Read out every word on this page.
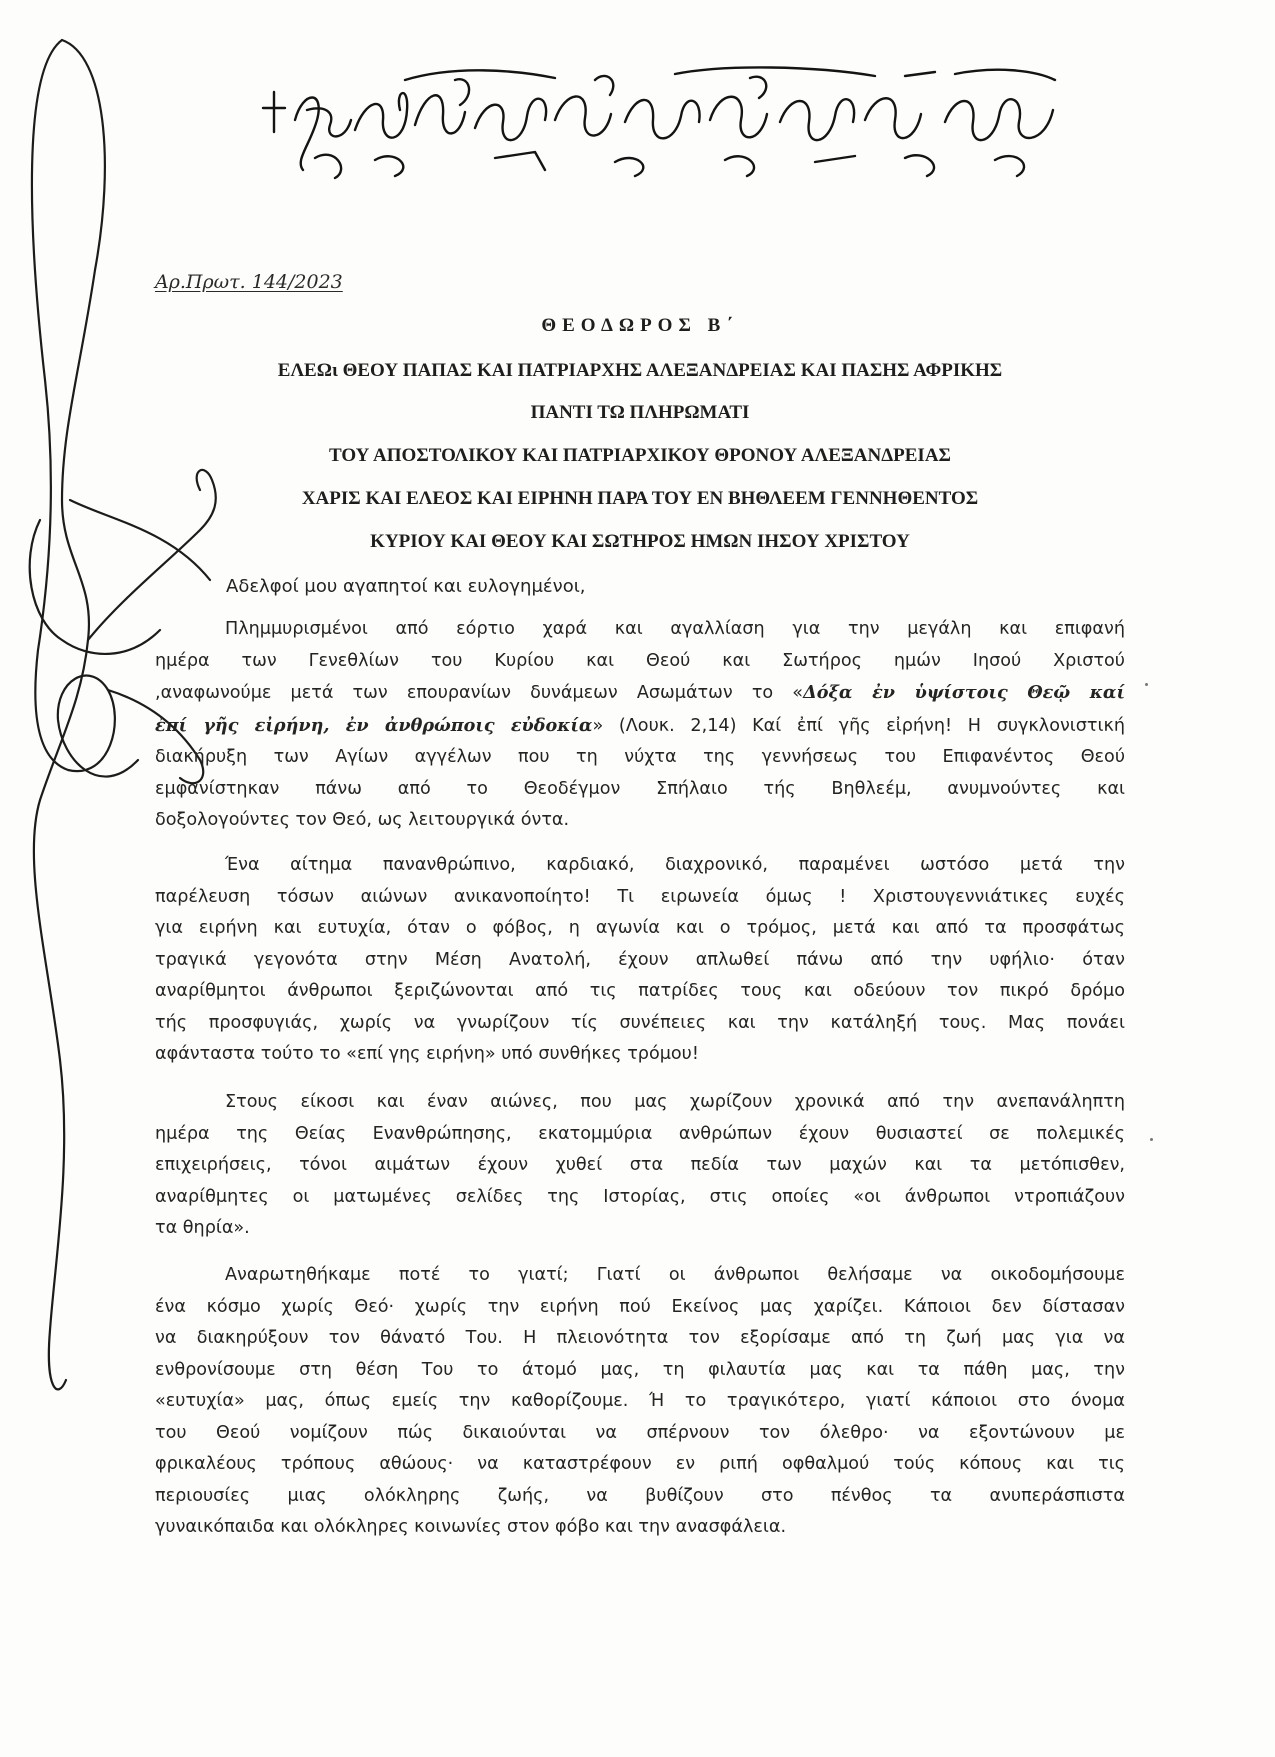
Αρ.Πρωτ. 144/2023
ΘΕΟΔΩΡΟΣ Β΄
ΕΛΕΩι ΘΕΟΥ ΠΑΠΑΣ ΚΑΙ ΠΑΤΡΙΑΡΧΗΣ ΑΛΕΞΑΝΔΡΕΙΑΣ ΚΑΙ ΠΑΣΗΣ ΑΦΡΙΚΗΣ
ΠΑΝΤΙ ΤΩ ΠΛΗΡΩΜΑΤΙ
ΤΟΥ ΑΠΟΣΤΟΛΙΚΟΥ ΚΑΙ ΠΑΤΡΙΑΡΧΙΚΟΥ ΘΡΟΝΟΥ ΑΛΕΞΑΝΔΡΕΙΑΣ
ΧΑΡΙΣ ΚΑΙ ΕΛΕΟΣ ΚΑΙ ΕΙΡΗΝΗ ΠΑΡΑ ΤΟΥ ΕΝ ΒΗΘΛΕΕΜ ΓΕΝΝΗΘΕΝΤΟΣ
ΚΥΡΙΟΥ ΚΑΙ ΘΕΟΥ ΚΑΙ ΣΩΤΗΡΟΣ ΗΜΩΝ ΙΗΣΟΥ ΧΡΙΣΤΟΥ
Αδελφοί μου αγαπητοί και ευλογημένοι,
Πλημμυρισμένοι από εόρτιο χαρά και αγαλλίαση για την μεγάλη και επιφανή
ημέρα των Γενεθλίων του Κυρίου και Θεού και Σωτήρος ημών Ιησού Χριστού
,αναφωνούμε μετά των επουρανίων δυνάμεων Ασωμάτων το «Δόξα ἐν ὑψίστοις Θεῷ καί
ἐπί γῆς εἰρήνη, ἐν ἀνθρώποις εὐδοκία» (Λουκ. 2,14) Καί ἐπί γῆς εἰρήνη! Η συγκλονιστική
διακήρυξη των Αγίων αγγέλων που τη νύχτα της γεννήσεως του Επιφανέντος Θεού
εμφανίστηκαν πάνω από το Θεοδέγμον Σπήλαιο τής Βηθλεέμ, ανυμνούντες και
δοξολογούντες τον Θεό, ως λειτουργικά όντα.
Ένα αίτημα πανανθρώπινο, καρδιακό, διαχρονικό, παραμένει ωστόσο μετά την
παρέλευση τόσων αιώνων ανικανοποίητο! Τι ειρωνεία όμως ! Χριστουγεννιάτικες ευχές
για ειρήνη και ευτυχία, όταν ο φόβος, η αγωνία και ο τρόμος, μετά και από τα προσφάτως
τραγικά γεγονότα στην Μέση Ανατολή, έχουν απλωθεί πάνω από την υφήλιο· όταν
αναρίθμητοι άνθρωποι ξεριζώνονται από τις πατρίδες τους και οδεύουν τον πικρό δρόμο
τής προσφυγιάς, χωρίς να γνωρίζουν τίς συνέπειες και την κατάληξή τους. Μας πονάει
αφάνταστα τούτο το «επί γης ειρήνη» υπό συνθήκες τρόμου!
Στους είκοσι και έναν αιώνες, που μας χωρίζουν χρονικά από την ανεπανάληπτη
ημέρα της Θείας Ενανθρώπησης, εκατομμύρια ανθρώπων έχουν θυσιαστεί σε πολεμικές
επιχειρήσεις, τόνοι αιμάτων έχουν χυθεί στα πεδία των μαχών και τα μετόπισθεν,
αναρίθμητες οι ματωμένες σελίδες της Ιστορίας, στις οποίες «οι άνθρωποι ντροπιάζουν
τα θηρία».
Αναρωτηθήκαμε ποτέ το γιατί; Γιατί οι άνθρωποι θελήσαμε να οικοδομήσουμε
ένα κόσμο χωρίς Θεό· χωρίς την ειρήνη πού Εκείνος μας χαρίζει. Κάποιοι δεν δίστασαν
να διακηρύξουν τον θάνατό Του. Η πλειονότητα τον εξορίσαμε από τη ζωή μας για να
ενθρονίσουμε στη θέση Του το άτομό μας, τη φιλαυτία μας και τα πάθη μας, την
«ευτυχία» μας, όπως εμείς την καθορίζουμε. Ή το τραγικότερο, γιατί κάποιοι στο όνομα
του Θεού νομίζουν πώς δικαιούνται να σπέρνουν τον όλεθρο· να εξοντώνουν με
φρικαλέους τρόπους αθώους· να καταστρέφουν εν ριπή οφθαλμού τούς κόπους και τις
περιουσίες μιας ολόκληρης ζωής, να βυθίζουν στο πένθος τα ανυπεράσπιστα
γυναικόπαιδα και ολόκληρες κοινωνίες στον φόβο και την ανασφάλεια.
